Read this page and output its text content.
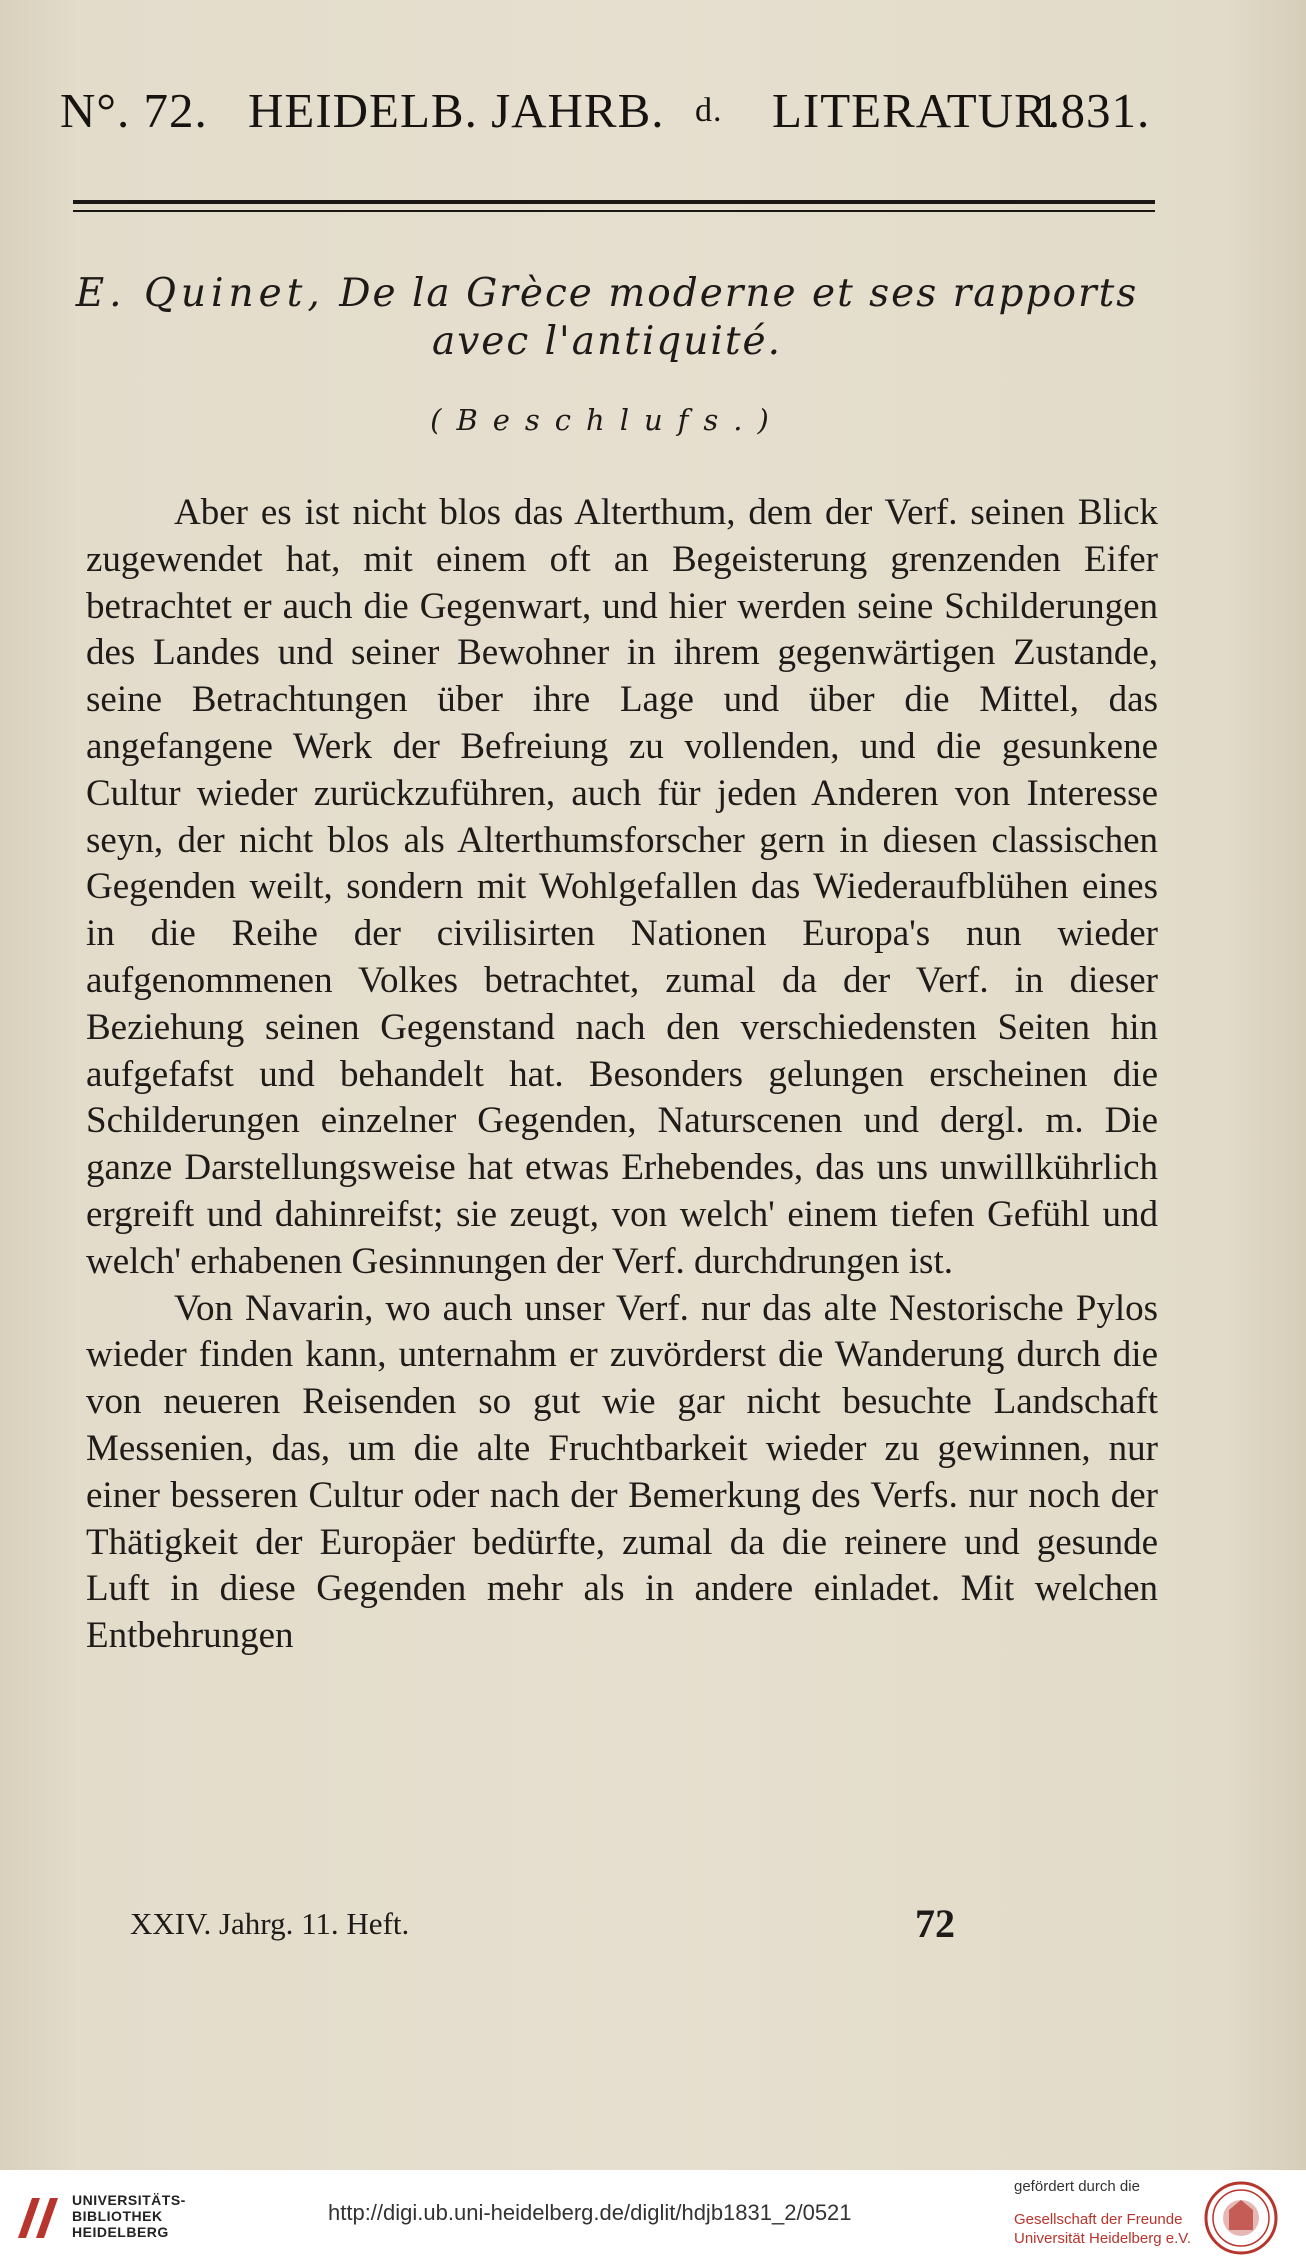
N°. 72. HEIDELB. JAHRB. d. LITERATUR.
1831.
E. Quinet, De la Grèce moderne et ses rapports
avec l'antiquité.
(Beschlufs.)

Aber es ist nicht blos das Alterthum, dem der Verf. seinen Blick zugewendet hat, mit einem oft an Begeisterung grenzenden Eifer betrachtet er auch die Gegenwart, und hier werden seine Schilderungen des Landes und seiner Bewohner in ihrem gegenwärtigen Zustande, seine Betrachtungen über ihre Lage und über die Mittel, das angefangene Werk der Befreiung zu vollenden, und die gesunkene Cultur wieder zurückzuführen, auch für jeden Anderen von Interesse seyn, der nicht blos als Alterthumsforscher gern in diesen classischen Gegenden weilt, sondern mit Wohlgefallen das Wiederaufblühen eines in die Reihe der civilisirten Nationen Europa's nun wieder aufgenommenen Volkes betrachtet, zumal da der Verf. in dieser Beziehung seinen Gegenstand nach den verschiedensten Seiten hin aufgefafst und behandelt hat. Besonders gelungen erscheinen die Schilderungen einzelner Gegenden, Naturscenen und dergl. m. Die ganze Darstellungsweise hat etwas Erhebendes, das uns unwillkührlich ergreift und dahinreifst; sie zeugt, von welch' einem tiefen Gefühl und welch' erhabenen Gesinnungen der Verf. durchdrungen ist.

Von Navarin, wo auch unser Verf. nur das alte Nestorische Pylos wieder finden kann, unternahm er zuvörderst die Wanderung durch die von neueren Reisenden so gut wie gar nicht besuchte Landschaft Messenien, das, um die alte Fruchtbarkeit wieder zu gewinnen, nur einer besseren Cultur oder nach der Bemerkung des Verfs. nur noch der Thätigkeit der Europäer bedürfte, zumal da die reinere und gesunde Luft in diese Gegenden mehr als in andere einladet. Mit welchen Entbehrungen

XXIV. Jahrg. 11. Heft.	72
UNIVERSITÄTS-
BIBLIOTHEK
HEIDELBERG
http://digi.ub.uni-heidelberg.de/diglit/hdjb1831_2/0521
gefördert durch die
Gesellschaft der Freunde
Universität Heidelberg e.V.
